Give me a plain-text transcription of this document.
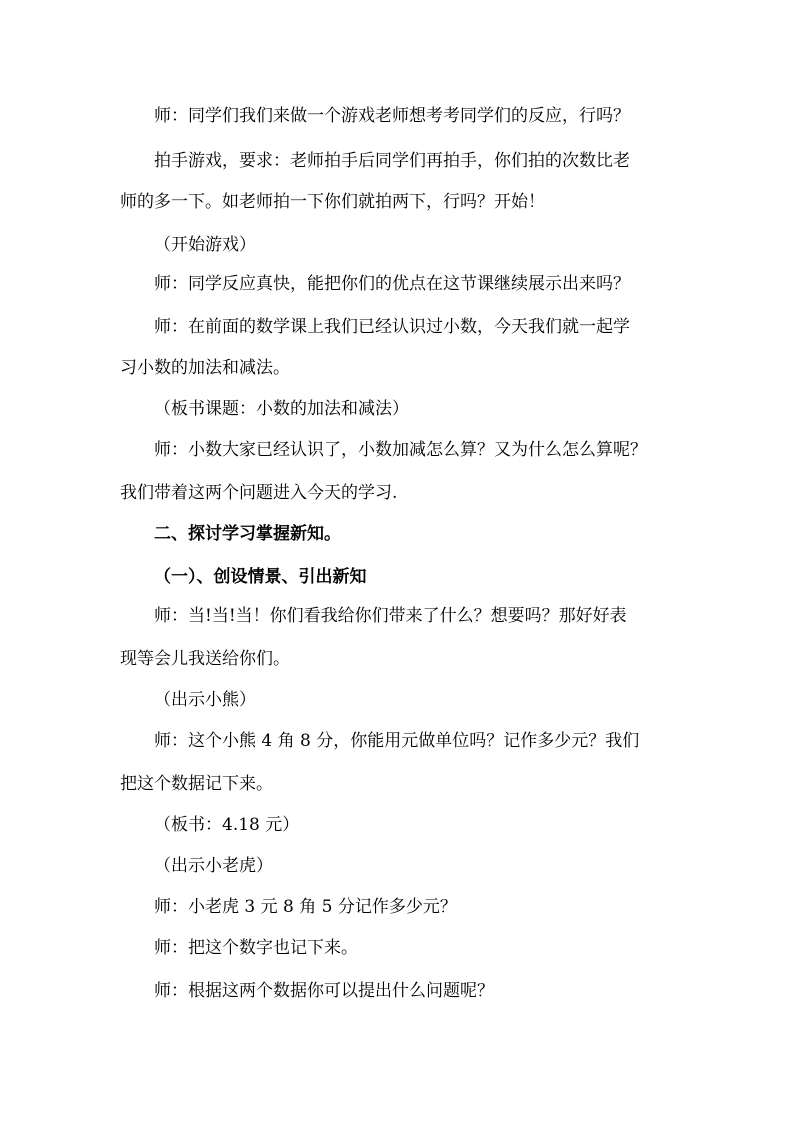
师：同学们我们来做一个游戏老师想考考同学们的反应，行吗？

拍手游戏，要求：老师拍手后同学们再拍手，你们拍的次数比老

师的多一下。如老师拍一下你们就拍两下，行吗？开始！

（开始游戏）

师：同学反应真快，能把你们的优点在这节课继续展示出来吗？

师：在前面的数学课上我们已经认识过小数，今天我们就一起学

习小数的加法和减法。

（板书课题：小数的加法和减法）

师：小数大家已经认识了，小数加减怎么算？又为什么怎么算呢？

我们带着这两个问题进入今天的学习.

二、探讨学习掌握新知。

（一）、创设情景、引出新知

师：当!当!当！你们看我给你们带来了什么？想要吗？那好好表

现等会儿我送给你们。

（出示小熊）

师：这个小熊 4 角 8 分，你能用元做单位吗？记作多少元？我们

把这个数据记下来。

（板书：4.18 元）

（出示小老虎）

师：小老虎 3 元 8 角 5 分记作多少元？

师：把这个数字也记下来。

师：根据这两个数据你可以提出什么问题呢？
